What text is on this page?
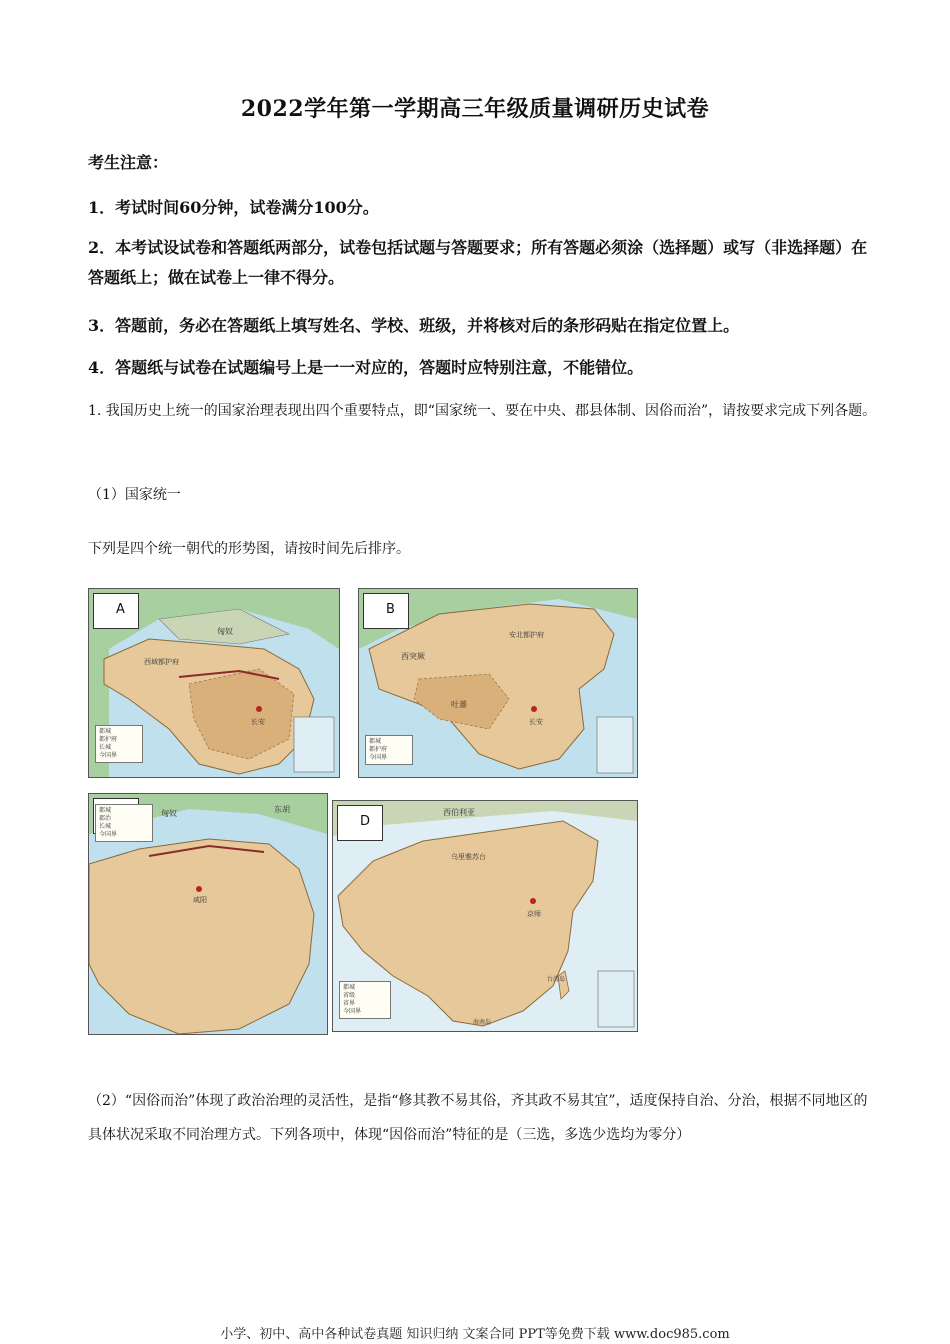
2022学年第一学期高三年级质量调研历史试卷
考生注意：
1．考试时间60分钟，试卷满分100分。
2．本考试设试卷和答题纸两部分，试卷包括试题与答题要求；所有答题必须涂（选择题）或写（非选择题）在答题纸上；做在试卷上一律不得分。
3．答题前，务必在答题纸上填写姓名、学校、班级，并将核对后的条形码贴在指定位置上。
4．答题纸与试卷在试题编号上是一一对应的，答题时应特别注意，不能错位。
1. 我国历史上统一的国家治理表现出四个重要特点，即“国家统一、要在中央、郡县体制、因俗而治”，请按要求完成下列各题。
（1）国家统一
下列是四个统一朝代的形势图，请按时间先后排序。
匈奴
西域都护府
长安
A
都城
都护府
长城
今国界
西突厥
安北都护府
吐蕃
长安
B
都城
都护府
今国界
匈奴	东胡
咸阳
都城
郡治
长城
今国界
西伯利亚
乌里雅苏台
京师
台湾岛
海南岛
D
都城
省级
省界
今国界
（2）“因俗而治”体现了政治治理的灵活性，是指“修其教不易其俗，齐其政不易其宜”，适度保持自治、分治，根据不同地区的具体状况采取不同治理方式。下列各项中，体现“因俗而治”特征的是（三选，多选少选均为零分）
小学、初中、高中各种试卷真题 知识归纳 文案合同 PPT等免费下载 www.doc985.com
